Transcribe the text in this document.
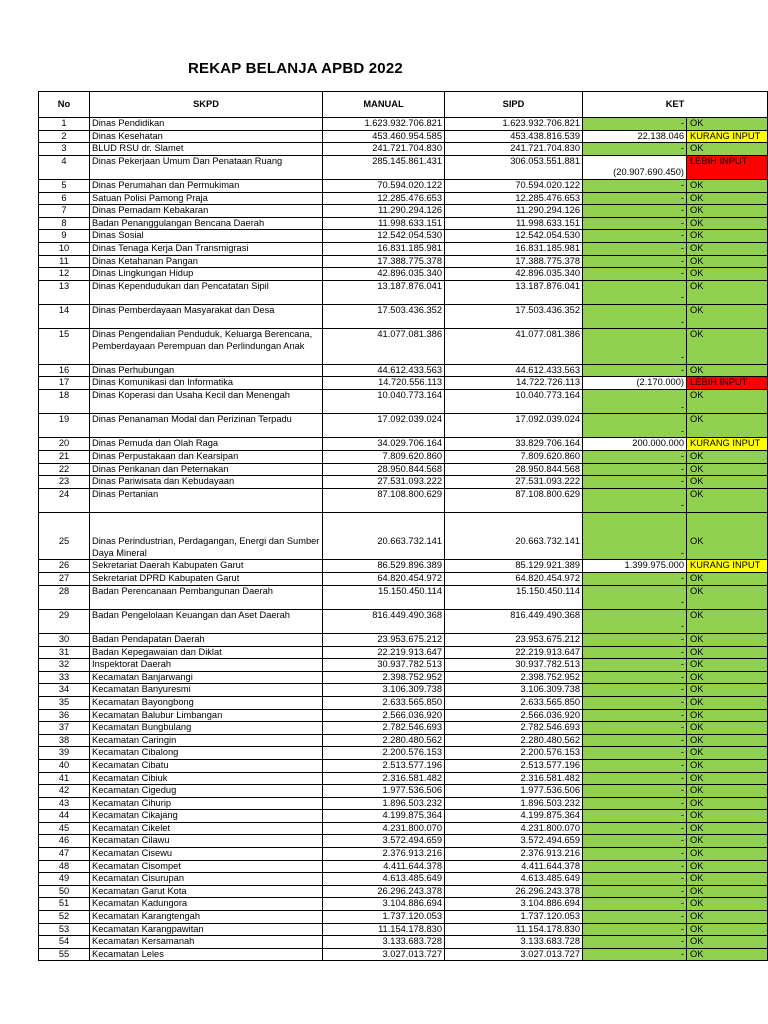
REKAP BELANJA APBD 2022
No	SKPD	MANUAL	SIPD	KET	
1	Dinas Pendidikan	1.623.932.706.821	1.623.932.706.821	-	OK
2	Dinas Kesehatan	453.460.954.585	453.438.816.539	22.138.046	KURANG INPUT
3	BLUD RSU dr. Slamet	241.721.704.830	241.721.704.830	-	OK
4	Dinas Pekerjaan Umum Dan Penataan Ruang	285.145.861.431	306.053.551.881	(20.907.690.450)	LEBIH INPUT
5	Dinas Perumahan dan Permukiman	70.594.020.122	70.594.020.122	-	OK
6	Satuan Polisi Pamong Praja	12.285.476.653	12.285.476.653	-	OK
7	Dinas Pemadam Kebakaran	11.290.294.126	11.290.294.126	-	OK
8	Badan Penanggulangan Bencana Daerah	11.998.633.151	11.998.633.151	-	OK
9	Dinas Sosial	12.542.054.530	12.542.054.530	-	OK
10	Dinas Tenaga Kerja Dan Transmigrasi	16.831.185.981	16.831.185.981	-	OK
11	Dinas Ketahanan Pangan	17.388.775.378	17.388.775.378	-	OK
12	Dinas Lingkungan Hidup	42.896.035.340	42.896.035.340	-	OK
13	Dinas Kependudukan dan Pencatatan Sipil	13.187.876.041	13.187.876.041	-	OK
14	Dinas Pemberdayaan Masyarakat dan Desa	17.503.436.352	17.503.436.352	-	OK
15	Dinas Pengendalian Penduduk, Keluarga Berencana, Pemberdayaan Perempuan dan Perlindungan Anak	41.077.081.386	41.077.081.386	-	OK
16	Dinas Perhubungan	44.612.433.563	44.612.433.563	-	OK
17	Dinas Komunikasi dan Informatika	14.720.556.113	14.722.726.113	(2.170.000)	LEBIH INPUT
18	Dinas Koperasi dan Usaha Kecil dan Menengah	10.040.773.164	10.040.773.164	-	OK
19	Dinas Penanaman Modal dan Perizinan Terpadu	17.092.039.024	17.092.039.024	-	OK
20	Dinas Pemuda dan Olah Raga	34.029.706.164	33.829.706.164	200.000.000	KURANG INPUT
21	Dinas Perpustakaan dan Kearsipan	7.809.620.860	7.809.620.860	-	OK
22	Dinas Perikanan dan Peternakan	28.950.844.568	28.950.844.568	-	OK
23	Dinas Pariwisata dan Kebudayaan	27.531.093.222	27.531.093.222	-	OK
24	Dinas Pertanian	87.108.800.629	87.108.800.629	-	OK
25	Dinas Perindustrian, Perdagangan, Energi dan Sumber Daya Mineral	20.663.732.141	20.663.732.141	-	OK
26	Sekretariat Daerah Kabupaten Garut	86.529.896.389	85.129.921.389	1.399.975.000	KURANG INPUT
27	Sekretariat DPRD Kabupaten Garut	64.820.454.972	64.820.454.972	-	OK
28	Badan Perencanaan Pembangunan Daerah	15.150.450.114	15.150.450.114	-	OK
29	Badan Pengelolaan Keuangan dan Aset Daerah	816.449.490.368	816.449.490.368	-	OK
30	Badan Pendapatan Daerah	23.953.675.212	23.953.675.212	-	OK
31	Badan Kepegawaian dan Diklat	22.219.913.647	22.219.913.647	-	OK
32	Inspektorat Daerah	30.937.782.513	30.937.782.513	-	OK
33	Kecamatan Banjarwangi	2.398.752.952	2.398.752.952	-	OK
34	Kecamatan Banyuresmi	3.106.309.738	3.106.309.738	-	OK
35	Kecamatan Bayongbong	2.633.565.850	2.633.565.850	-	OK
36	Kecamatan Balubur Limbangan	2.566.036.920	2.566.036.920	-	OK
37	Kecamatan Bungbulang	2.782.546.693	2.782.546.693	-	OK
38	Kecamatan Caringin	2.280.480.562	2.280.480.562	-	OK
39	Kecamatan Cibalong	2.200.576.153	2.200.576.153	-	OK
40	Kecamatan Cibatu	2.513.577.196	2.513.577.196	-	OK
41	Kecamatan Cibiuk	2.316.581.482	2.316.581.482	-	OK
42	Kecamatan Cigedug	1.977.536.506	1.977.536.506	-	OK
43	Kecamatan Cihurip	1.896.503.232	1.896.503.232	-	OK
44	Kecamatan Cikajang	4.199.875.364	4.199.875.364	-	OK
45	Kecamatan Cikelet	4.231.800.070	4.231.800.070	-	OK
46	Kecamatan Cilawu	3.572.494.659	3.572.494.659	-	OK
47	Kecamatan Cisewu	2.376.913.216	2.376.913.216	-	OK
48	Kecamatan Cisompet	4.411.644.378	4.411.644.378	-	OK
49	Kecamatan Cisurupan	4.613.485.649	4.613.485.649	-	OK
50	Kecamatan Garut Kota	26.296.243.378	26.296.243.378	-	OK
51	Kecamatan Kadungora	3.104.886.694	3.104.886.694	-	OK
52	Kecamatan Karangtengah	1.737.120.053	1.737.120.053	-	OK
53	Kecamatan Karangpawitan	11.154.178.830	11.154.178.830	-	OK
54	Kecamatan Kersamanah	3.133.683.728	3.133.683.728	-	OK
55	Kecamatan Leles	3.027.013.727	3.027.013.727	-	OK
